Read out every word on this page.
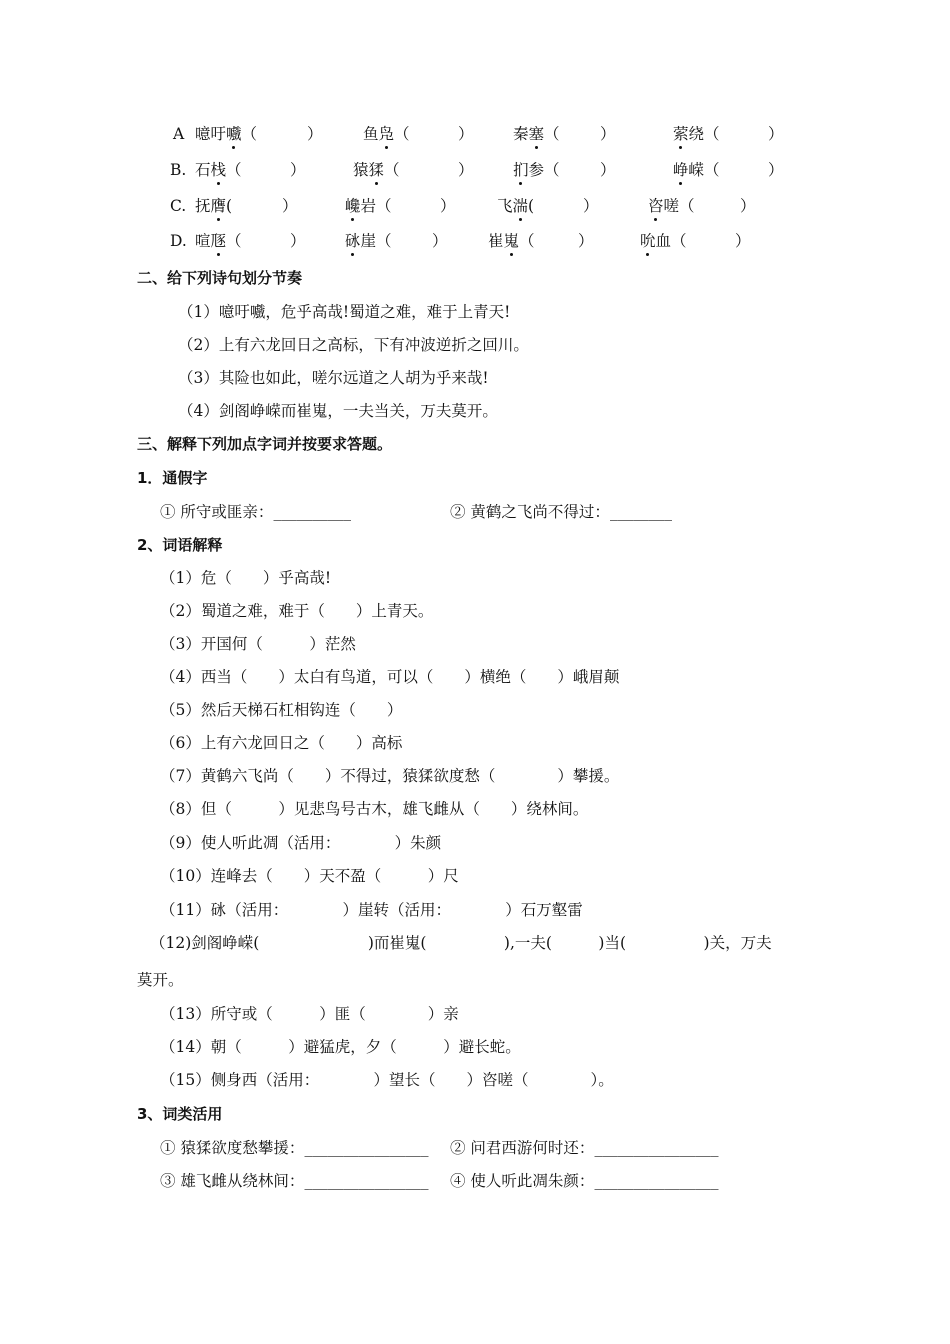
A 噫吁嚱（	）	鱼凫（	）	秦塞（	）	萦绕（	）
B. 石栈（	）	猿猱（	）	扪参（	）	峥嵘（	）
C. 抚膺(	）	巉岩（	）	飞湍(	）	咨嗟（	）
D. 喧豗（	）	砯崖（	）	崔嵬（	）	吮血（	）
二、给下列诗句划分节奏
（1）噫吁嚱，危乎高哉!蜀道之难，难于上青天!
（2）上有六龙回日之高标，下有冲波逆折之回川。
（3）其险也如此，嗟尔远道之人胡为乎来哉!
（4）剑阁峥嵘而崔嵬，一夫当关，万夫莫开。
三、解释下列加点字词并按要求答题。
1．通假字
① 所守或匪亲：__________	② 黄鹤之飞尚不得过：________
2、词语解释
（1）危（　　）乎高哉!
（2）蜀道之难，难于（　　）上青天。
（3）开国何（　　　）茫然
（4）西当（　　）太白有鸟道，可以（　　）横绝（　　）峨眉颠
（5）然后天梯石杠相钩连（　　）
（6）上有六龙回日之（　　）高标
（7）黄鹤六飞尚（　　）不得过，猿猱欲度愁（　　　　）攀援。
（8）但（　　　）见悲鸟号古木，雄飞雌从（　　）绕林间。
（9）使人听此凋（活用：　　　　）朱颜
（10）连峰去（　　）天不盈（　　　）尺
（11）砯（活用：　　　　）崖转（活用：　　　　）石万壑雷
（12)剑阁峥嵘(　　　　　　　)而崔嵬(　　　　　),一夫(　　　)当(　　　　　)关，万夫
莫开。
（13）所守或（　　　）匪（　　　　）亲
（14）朝（　　　）避猛虎，夕（　　　）避长蛇。
（15）侧身西（活用：　　　　）望长（　　）咨嗟（　　　　）。
3、词类活用
① 猿猱欲度愁攀援：________________ ② 问君西游何时还：________________
③ 雄飞雌从绕林间：________________ ④ 使人听此凋朱颜：________________
